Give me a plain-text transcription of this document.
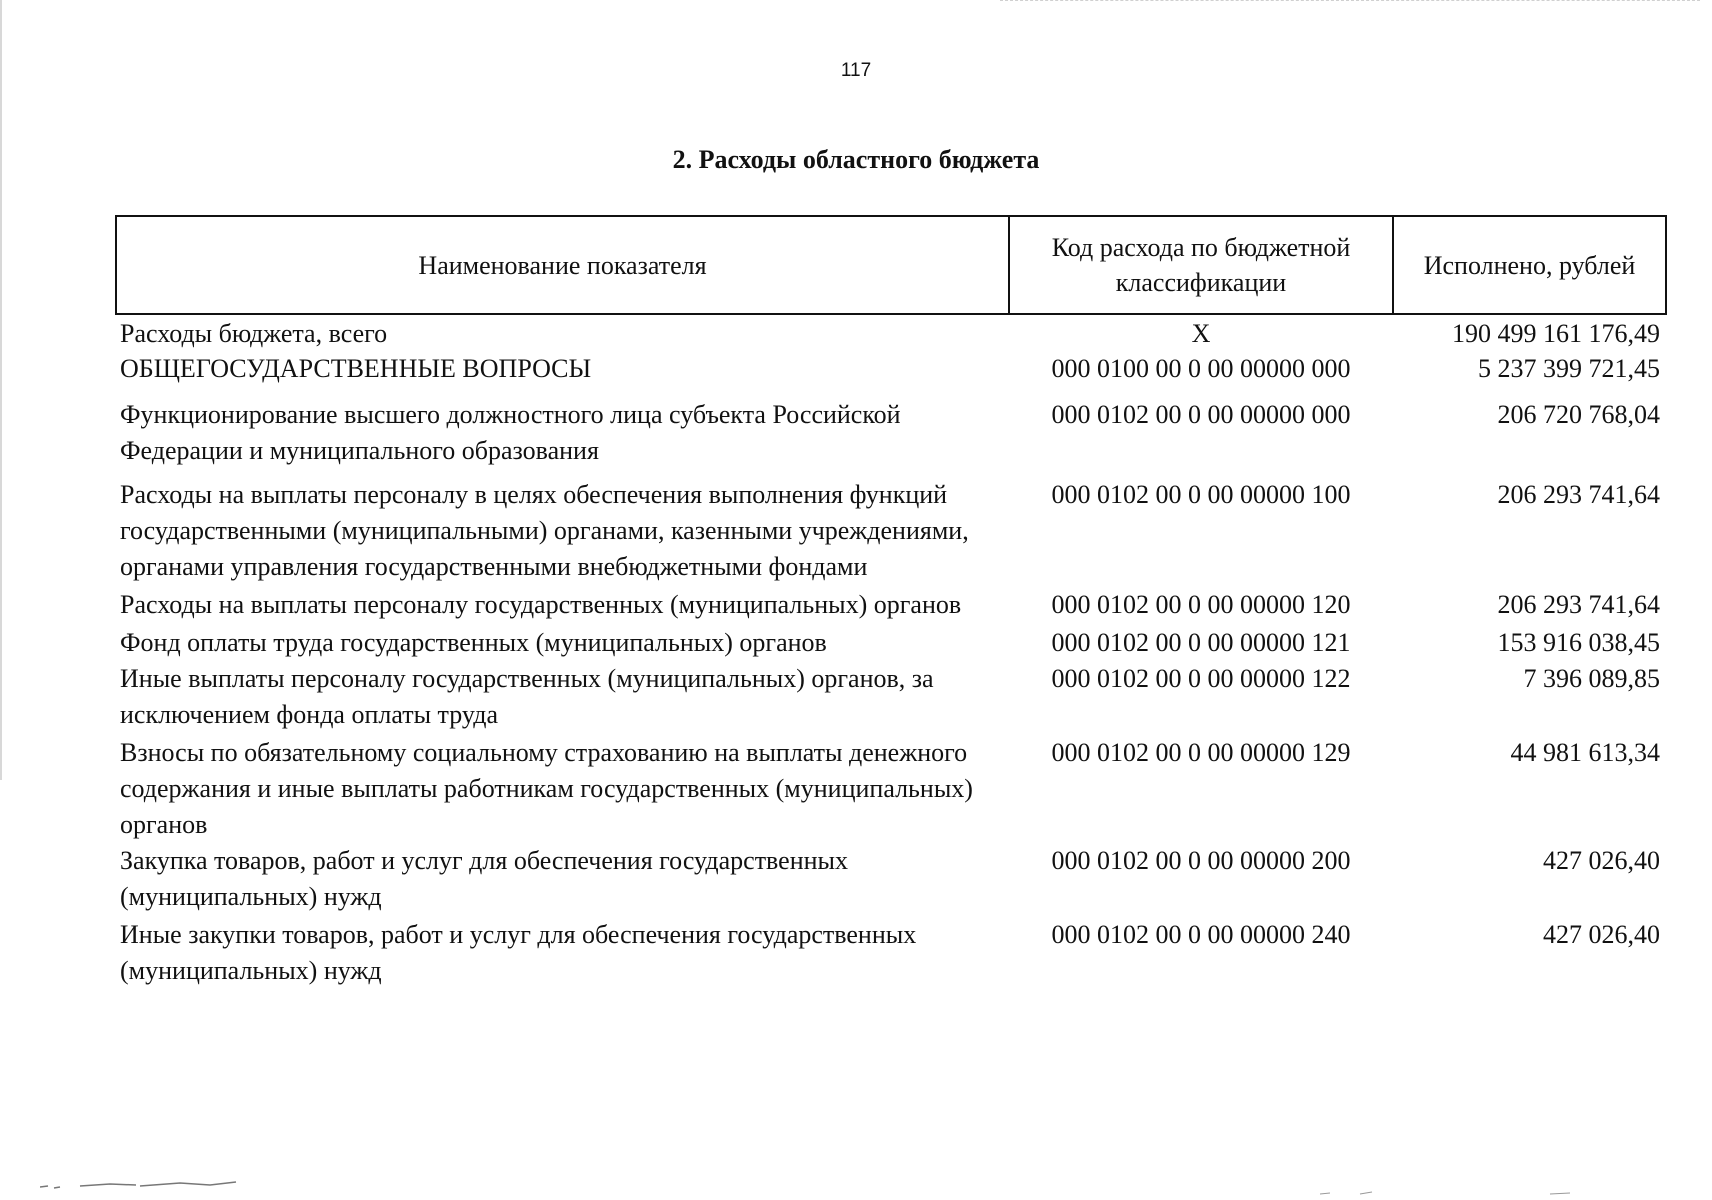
117
2. Расходы областного бюджета
Наименование показателя	Код расхода по бюджетной классификации	Исполнено, рублей
Расходы бюджета, всего	X	190 499 161 176,49
ОБЩЕГОСУДАРСТВЕННЫЕ ВОПРОСЫ	000 0100 00 0 00 00000 000	5 237 399 721,45
Функционирование высшего должностного лица субъекта Российской Федерации и муниципального образования	000 0102 00 0 00 00000 000	206 720 768,04
Расходы на выплаты персоналу в целях обеспечения выполнения функций государственными (муниципальными) органами, казенными учреждениями, органами управления государственными внебюджетными фондами	000 0102 00 0 00 00000 100	206 293 741,64
Расходы на выплаты персоналу государственных (муниципальных) органов	000 0102 00 0 00 00000 120	206 293 741,64
Фонд оплаты труда государственных (муниципальных) органов	000 0102 00 0 00 00000 121	153 916 038,45
Иные выплаты персоналу государственных (муниципальных) органов, за исключением фонда оплаты труда	000 0102 00 0 00 00000 122	7 396 089,85
Взносы по обязательному социальному страхованию на выплаты денежного содержания и иные выплаты работникам государственных (муниципальных) органов	000 0102 00 0 00 00000 129	44 981 613,34
Закупка товаров, работ и услуг для обеспечения государственных (муниципальных) нужд	000 0102 00 0 00 00000 200	427 026,40
Иные закупки товаров, работ и услуг для обеспечения государственных (муниципальных) нужд	000 0102 00 0 00 00000 240	427 026,40
